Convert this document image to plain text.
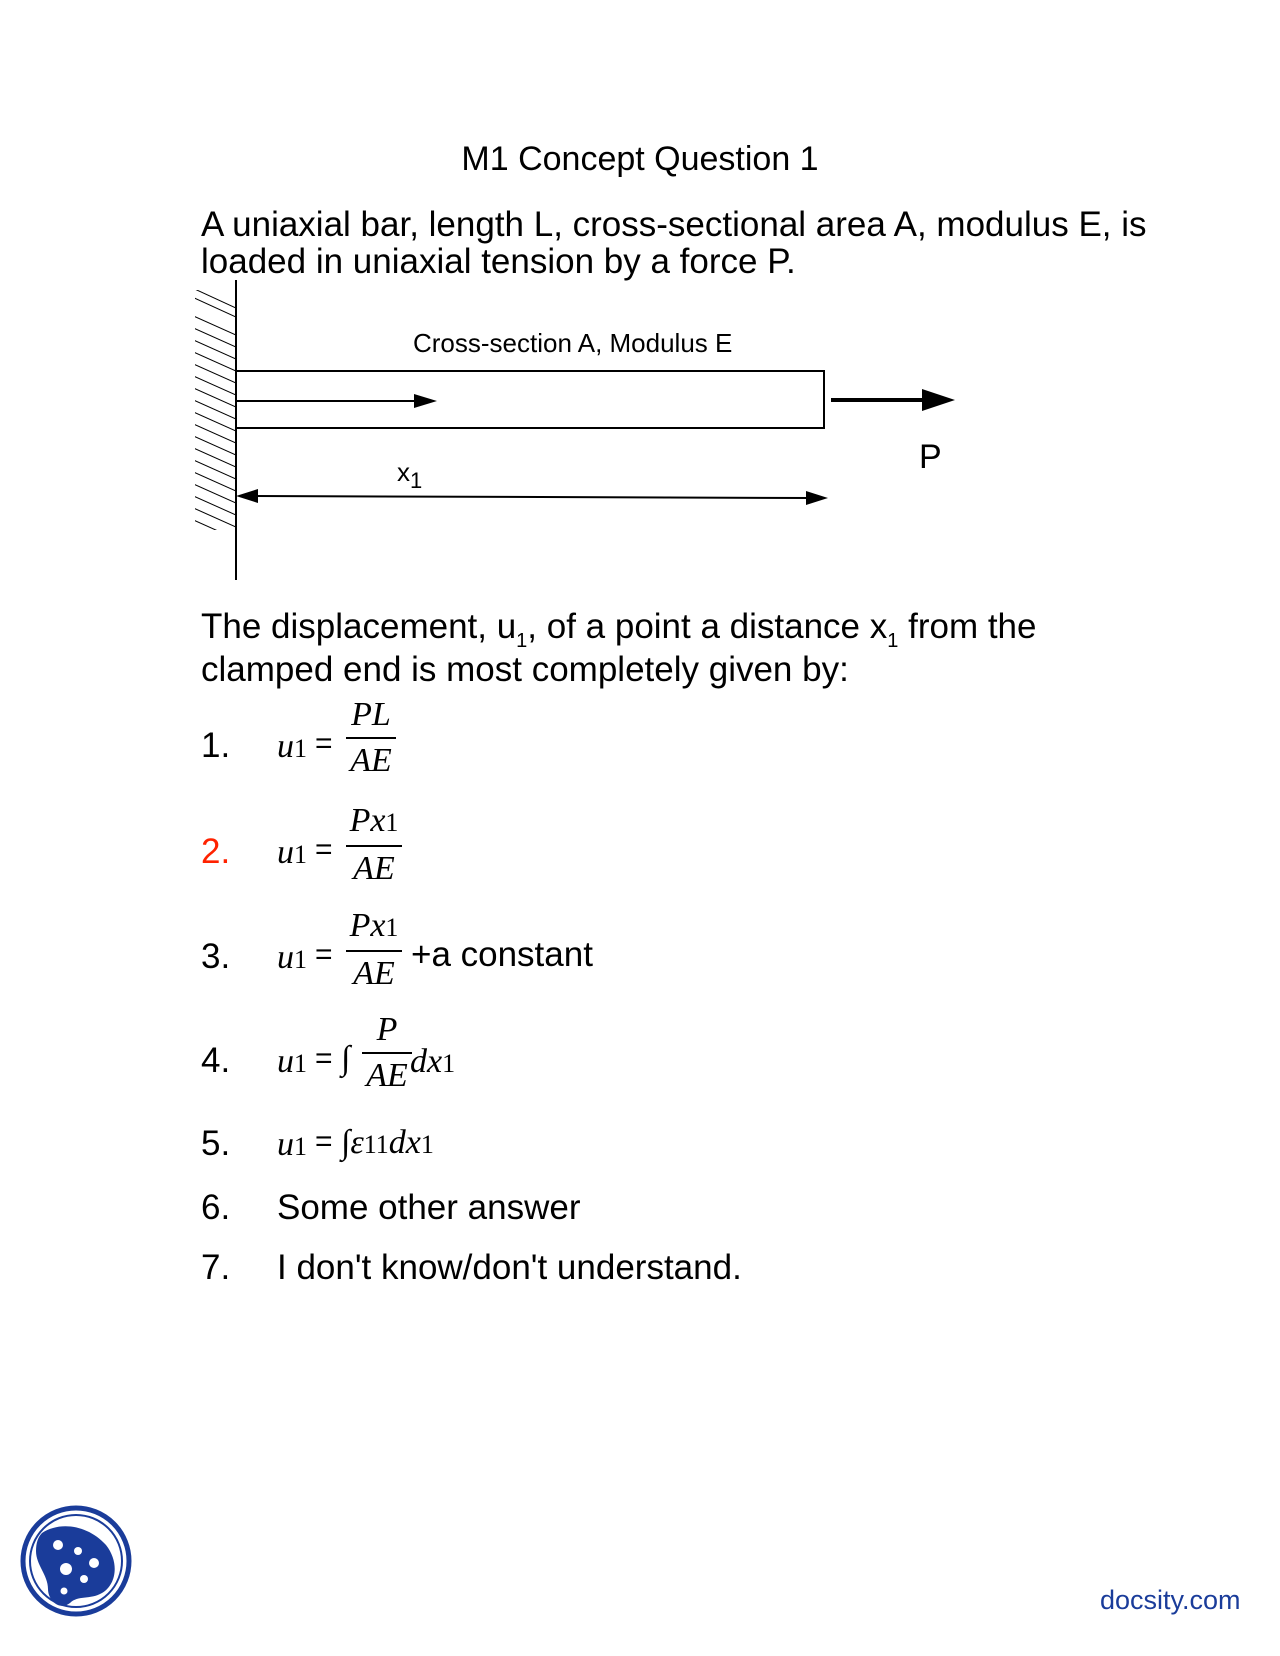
M1 Concept Question 1
A uniaxial bar, length L, cross-sectional area A, modulus E, is loaded in uniaxial tension by a force P.
Cross-section A, Modulus E
$x_1$
P
The displacement, $u_1$, of a point a distance $x_1$ from the clamped end is most completely given by:
1. u1 =
PL
AE
2. u1 =
Px1
AE
3. u1 =
Px1
AE +a constant
4. u1 = ∫
P
AE dx1
5. u1 = ∫ε11dx1
6. Some other answer
7. I don't know/don't understand.
docsity.com
